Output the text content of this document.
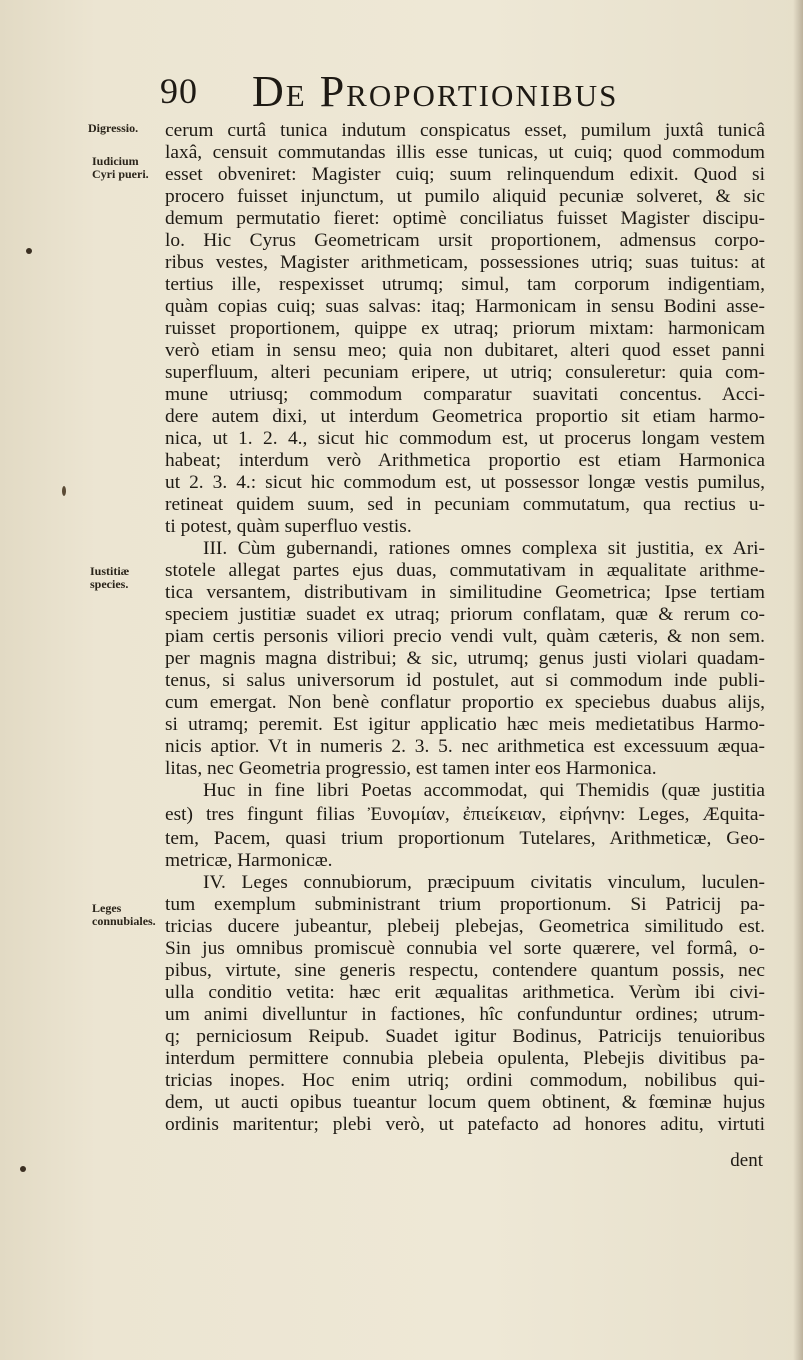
90 De Proportionibus
Digressio.
Iudicium Cyri pueri.
Iustitiæ species.
Leges connubiales.
cerum curtâ tunica indutum conspicatus esset, pumilum juxtâ tunicâ
laxâ, censuit commutandas illis esse tunicas, ut cuiq; quod commodum
esset obveniret: Magister cuiq; suum relinquendum edixit. Quod si
procero fuisset injunctum, ut pumilo aliquid pecuniæ solveret, & sic
demum permutatio fieret: optimè conciliatus fuisset Magister discipu-
lo. Hic Cyrus Geometricam ursit proportionem, admensus corpo-
ribus vestes, Magister arithmeticam, possessiones utriq; suas tuitus: at
tertius ille, respexisset utrumq; simul, tam corporum indigentiam,
quàm copias cuiq; suas salvas: itaq; Harmonicam in sensu Bodini asse-
ruisset proportionem, quippe ex utraq; priorum mixtam: harmonicam
verò etiam in sensu meo; quia non dubitaret, alteri quod esset panni
superfluum, alteri pecuniam eripere, ut utriq; consuleretur: quia com-
mune utriusq; commodum comparatur suavitati concentus. Acci-
dere autem dixi, ut interdum Geometrica proportio sit etiam harmo-
nica, ut 1. 2. 4., sicut hic commodum est, ut procerus longam vestem
habeat; interdum verò Arithmetica proportio est etiam Harmonica
ut 2. 3. 4.: sicut hic commodum est, ut possessor longæ vestis pumilus,
retineat quidem suum, sed in pecuniam commutatum, qua rectius u-
ti potest, quàm superfluo vestis.
III. Cùm gubernandi, rationes omnes complexa sit justitia, ex Ari-
stotele allegat partes ejus duas, commutativam in æqualitate arithme-
tica versantem, distributivam in similitudine Geometrica; Ipse tertiam
speciem justitiæ suadet ex utraq; priorum conflatam, quæ & rerum co-
piam certis personis viliori precio vendi vult, quàm cæteris, & non sem.
per magnis magna distribui; & sic, utrumq; genus justi violari quadam-
tenus, si salus universorum id postulet, aut si commodum inde publi-
cum emergat. Non benè conflatur proportio ex speciebus duabus alijs,
si utramq; peremit. Est igitur applicatio hæc meis medietatibus Harmo-
nicis aptior. Vt in numeris 2. 3. 5. nec arithmetica est excessuum æqua-
litas, nec Geometria progressio, est tamen inter eos Harmonica.
Huc in fine libri Poetas accommodat, qui Themidis (quæ justitia
est) tres fingunt filias Ἐυνομίαν, ἐπιείκειαν, εἰρήνην: Leges, Æquita-
tem, Pacem, quasi trium proportionum Tutelares, Arithmeticæ, Geo-
metricæ, Harmonicæ.
IV. Leges connubiorum, præcipuum civitatis vinculum, luculen-
tum exemplum subministrant trium proportionum. Si Patricij pa-
tricias ducere jubeantur, plebeij plebejas, Geometrica similitudo est.
Sin jus omnibus promiscuè connubia vel sorte quærere, vel formâ, o-
pibus, virtute, sine generis respectu, contendere quantum possis, nec
ulla conditio vetita: hæc erit æqualitas arithmetica. Verùm ibi civi-
um animi divelluntur in factiones, hîc confunduntur ordines; utrum-
q; perniciosum Reipub. Suadet igitur Bodinus, Patricijs tenuioribus
interdum permittere connubia plebeia opulenta, Plebejis divitibus pa-
tricias inopes. Hoc enim utriq; ordini commodum, nobilibus qui-
dem, ut aucti opibus tueantur locum quem obtinent, & fœminæ hujus
ordinis maritentur; plebi verò, ut patefacto ad honores aditu, virtuti
dent
